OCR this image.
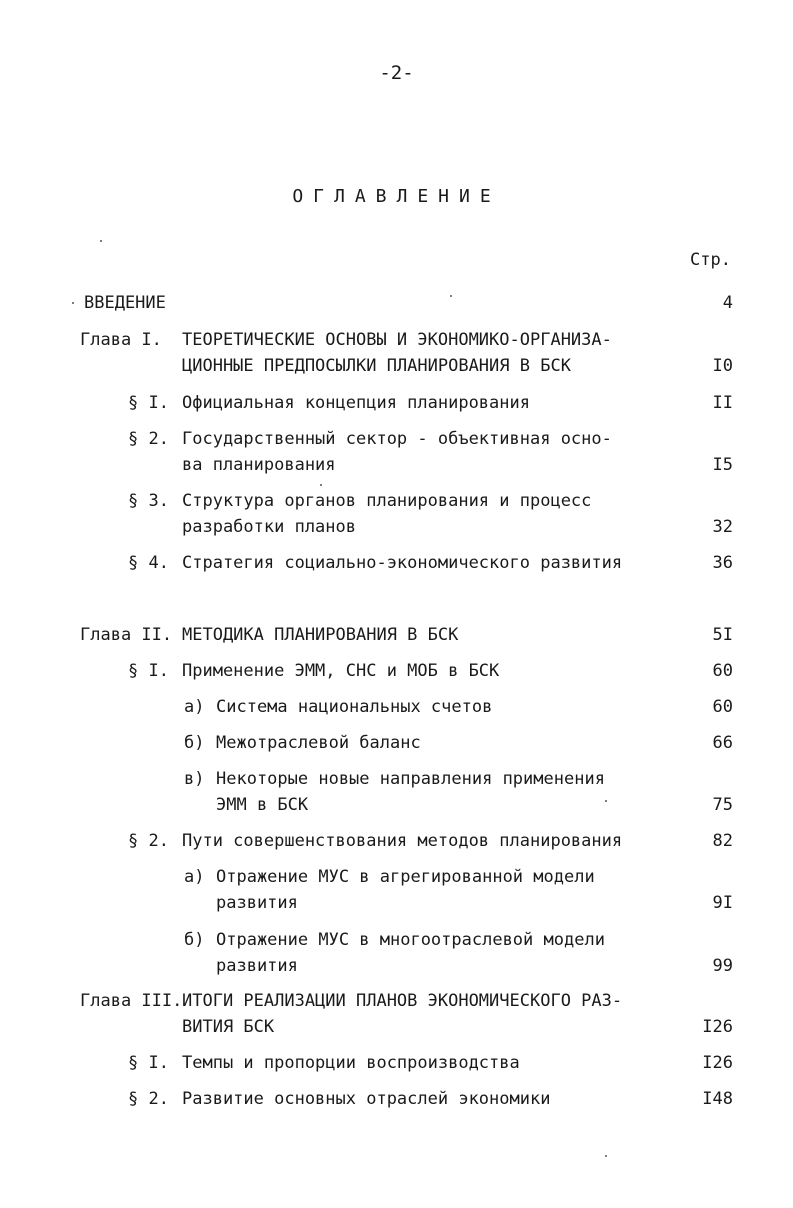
-2-
ОГЛАВЛЕНИЕ
Стр.
ВВЕДЕНИЕ	4
Глава I. ТЕОРЕТИЧЕСКИЕ ОСНОВЫ И ЭКОНОМИКО-ОРГАНИЗА-
ЦИОННЫЕ ПРЕДПОСЫЛКИ ПЛАНИРОВАНИЯ В БСК	I0
§ I. Официальная концепция планирования	II
§ 2. Государственный сектор - объективная осно-
ва планирования	I5
§ 3. Структура органов планирования и процесс
разработки планов	32
§ 4. Стратегия социально-экономического развития	36
Глава II. МЕТОДИКА ПЛАНИРОВАНИЯ В БСК	5I
§ I. Применение ЭММ, СНС и МОБ в БСК	60
а) Система национальных счетов	60
б) Межотраслевой баланс	66
в) Некоторые новые направления применения
ЭММ в БСК	75
§ 2. Пути совершенствования методов планирования	82
а) Отражение МУС в агрегированной модели
развития	9I
б) Отражение МУС в многоотраслевой модели
развития	99
Глава III. ИТОГИ РЕАЛИЗАЦИИ ПЛАНОВ ЭКОНОМИЧЕСКОГО РАЗ-
ВИТИЯ БСК	I26
§ I. Темпы и пропорции воспроизводства	I26
§ 2. Развитие основных отраслей экономики	I48
